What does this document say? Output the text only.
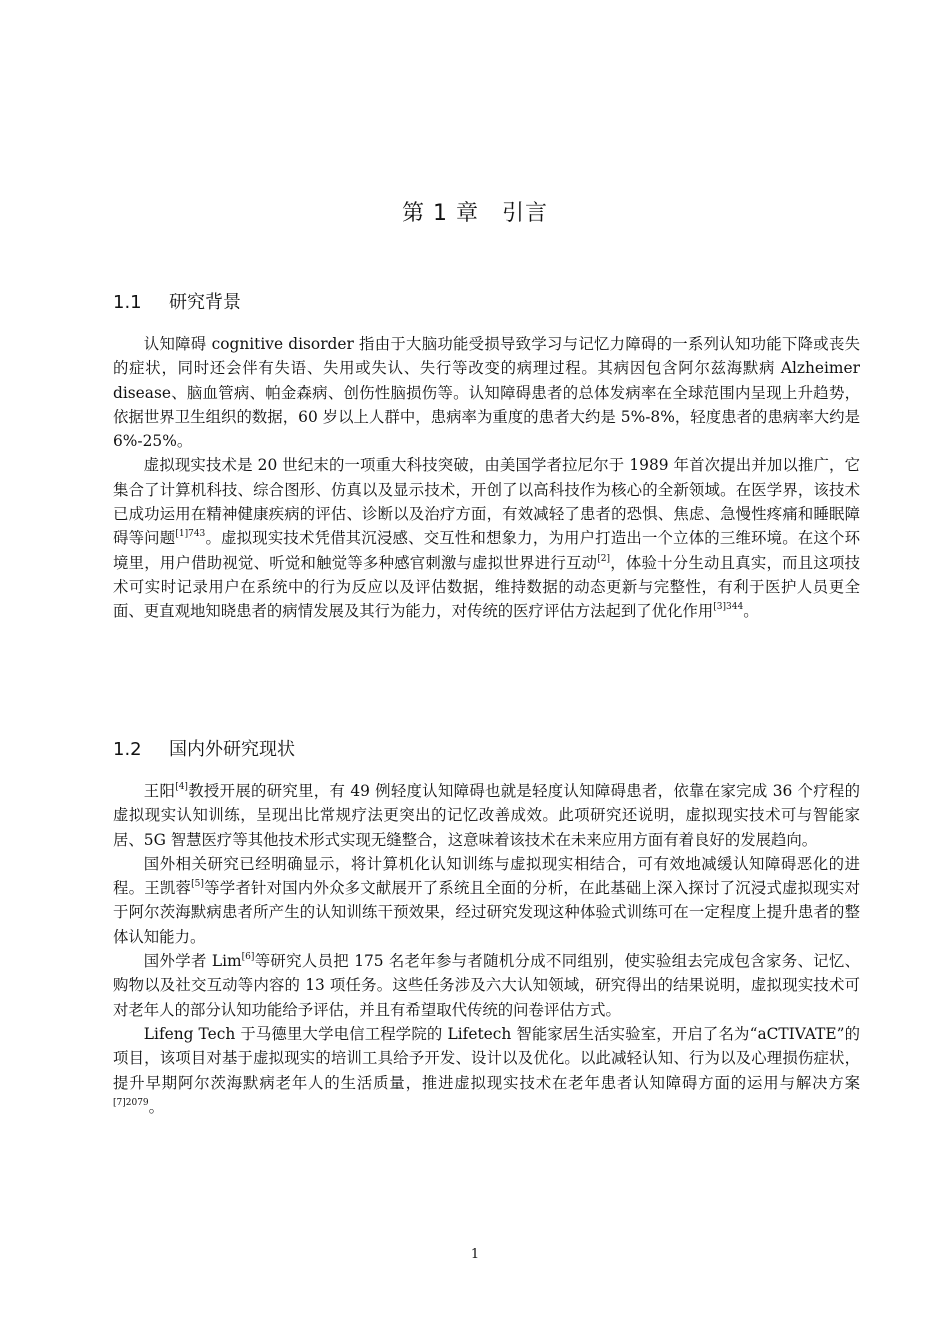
第 1 章　引言
1.1 研究背景

认知障碍 cognitive disorder 指由于大脑功能受损导致学习与记忆力障碍的一系列认知功能下降或丧失的症状，同时还会伴有失语、失用或失认、失行等改变的病理过程。其病因包含阿尔兹海默病 Alzheimer disease、脑血管病、帕金森病、创伤性脑损伤等。认知障碍患者的总体发病率在全球范围内呈现上升趋势，依据世界卫生组织的数据，60 岁以上人群中，患病率为重度的患者大约是 5%-8%，轻度患者的患病率大约是 6%-25%。

虚拟现实技术是 20 世纪末的一项重大科技突破，由美国学者拉尼尔于 1989 年首次提出并加以推广，它集合了计算机科技、综合图形、仿真以及显示技术，开创了以高科技作为核心的全新领域。在医学界，该技术已成功运用在精神健康疾病的评估、诊断以及治疗方面，有效减轻了患者的恐惧、焦虑、急慢性疼痛和睡眠障碍等问题$^{[1]743}$。虚拟现实技术凭借其沉浸感、交互性和想象力，为用户打造出一个立体的三维环境。在这个环境里，用户借助视觉、听觉和触觉等多种感官刺激与虚拟世界进行互动[2]，体验十分生动且真实，而且这项技术可实时记录用户在系统中的行为反应以及评估数据，维持数据的动态更新与完整性，有利于医护人员更全面、更直观地知晓患者的病情发展及其行为能力，对传统的医疗评估方法起到了优化作用$^{[3]344}$。

1.2 国内外研究现状

王阳[4]教授开展的研究里，有 49 例轻度认知障碍也就是轻度认知障碍患者，依靠在家完成 36 个疗程的虚拟现实认知训练，呈现出比常规疗法更突出的记忆改善成效。此项研究还说明，虚拟现实技术可与智能家居、5G 智慧医疗等其他技术形式实现无缝整合，这意味着该技术在未来应用方面有着良好的发展趋向。

国外相关研究已经明确显示，将计算机化认知训练与虚拟现实相结合，可有效地减缓认知障碍恶化的进程。王凯蓉[5]等学者针对国内外众多文献展开了系统且全面的分析，在此基础上深入探讨了沉浸式虚拟现实对于阿尔茨海默病患者所产生的认知训练干预效果，经过研究发现这种体验式训练可在一定程度上提升患者的整体认知能力。

国外学者 Lim[6]等研究人员把 175 名老年参与者随机分成不同组别，使实验组去完成包含家务、记忆、购物以及社交互动等内容的 13 项任务。这些任务涉及六大认知领域，研究得出的结果说明，虚拟现实技术可对老年人的部分认知功能给予评估，并且有希望取代传统的问卷评估方式。

Lifeng Tech 于马德里大学电信工程学院的 Lifetech 智能家居生活实验室，开启了名为“aCTIVATE”的项目，该项目对基于虚拟现实的培训工具给予开发、设计以及优化。以此减轻认知、行为以及心理损伤症状，提升早期阿尔茨海默病老年人的生活质量，推进虚拟现实技术在老年患者认知障碍方面的运用与解决方案$^{[7]2079}$。

1
